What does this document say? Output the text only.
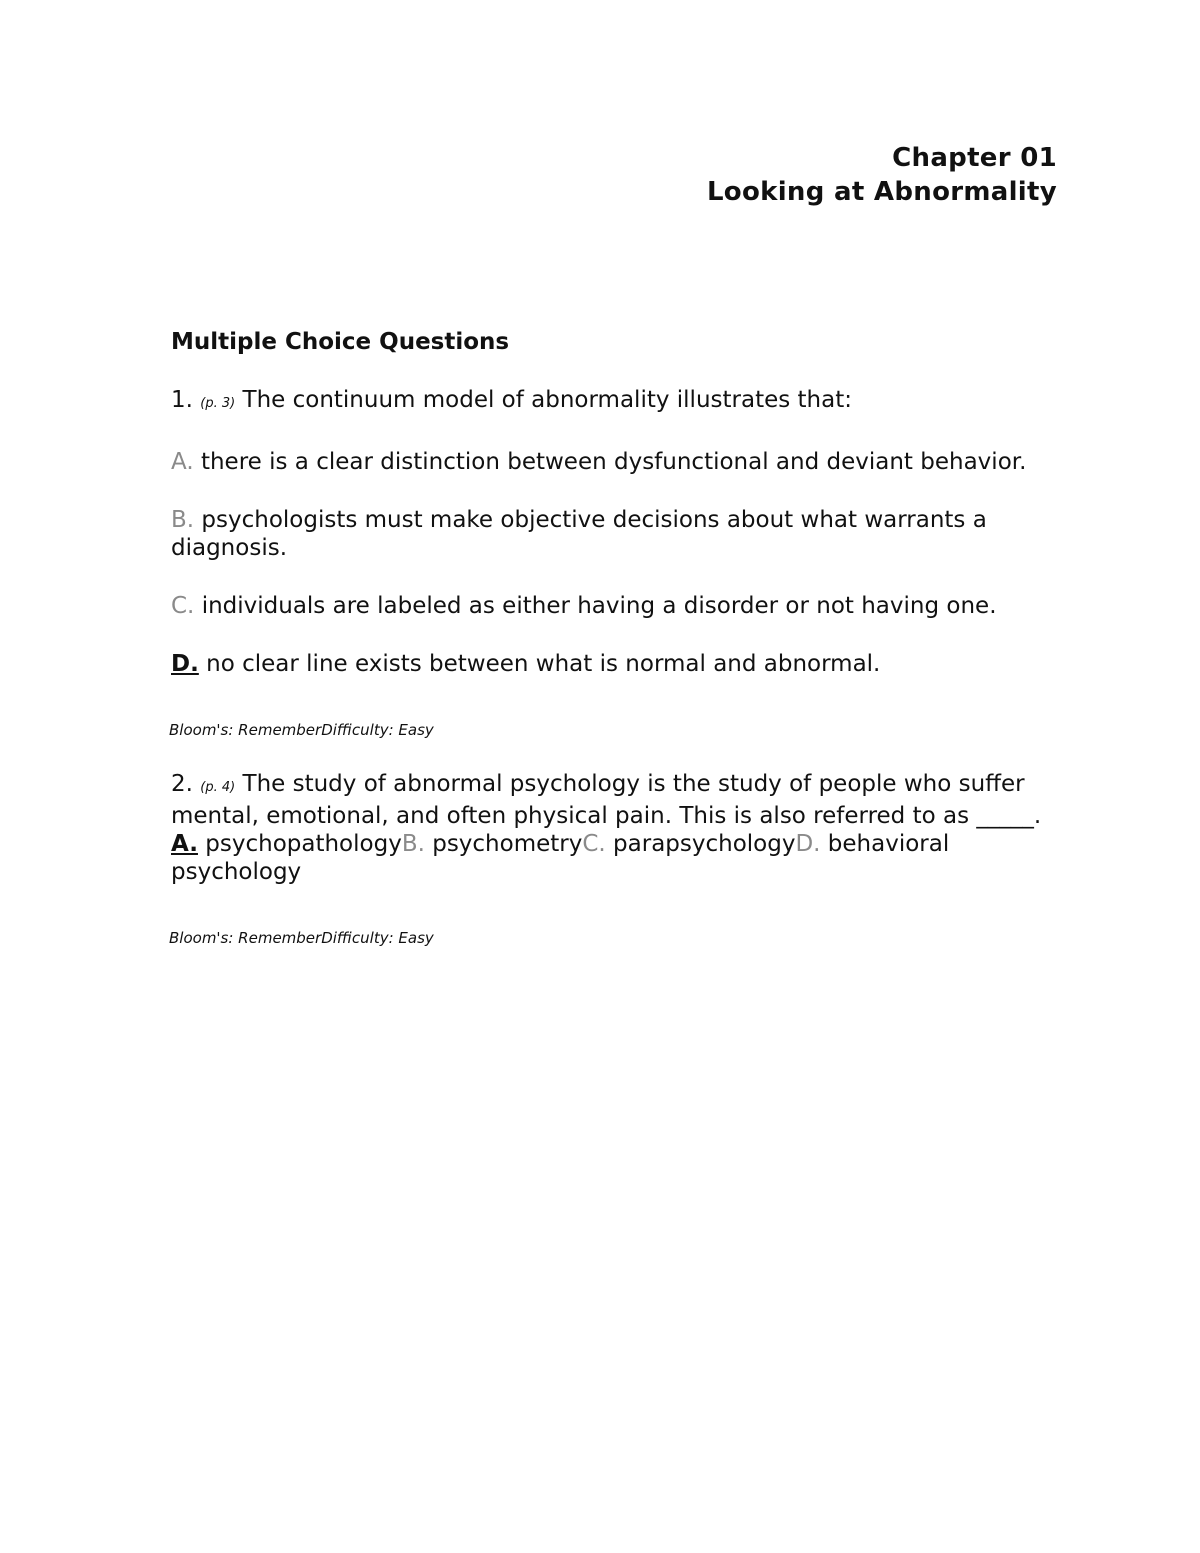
Chapter 01
Looking at Abnormality
Multiple Choice Questions
1. (p. 3) The continuum model of abnormality illustrates that:
A. there is a clear distinction between dysfunctional and deviant behavior.
B. psychologists must make objective decisions about what warrants a diagnosis.
C. individuals are labeled as either having a disorder or not having one.
D. no clear line exists between what is normal and abnormal.
Bloom's: RememberDifficulty: Easy
2. (p. 4) The study of abnormal psychology is the study of people who suffer mental, emotional, and often physical pain. This is also referred to as _____. A. psychopathologyB. psychometryC. parapsychologyD. behavioral psychology
Bloom's: RememberDifficulty: Easy
